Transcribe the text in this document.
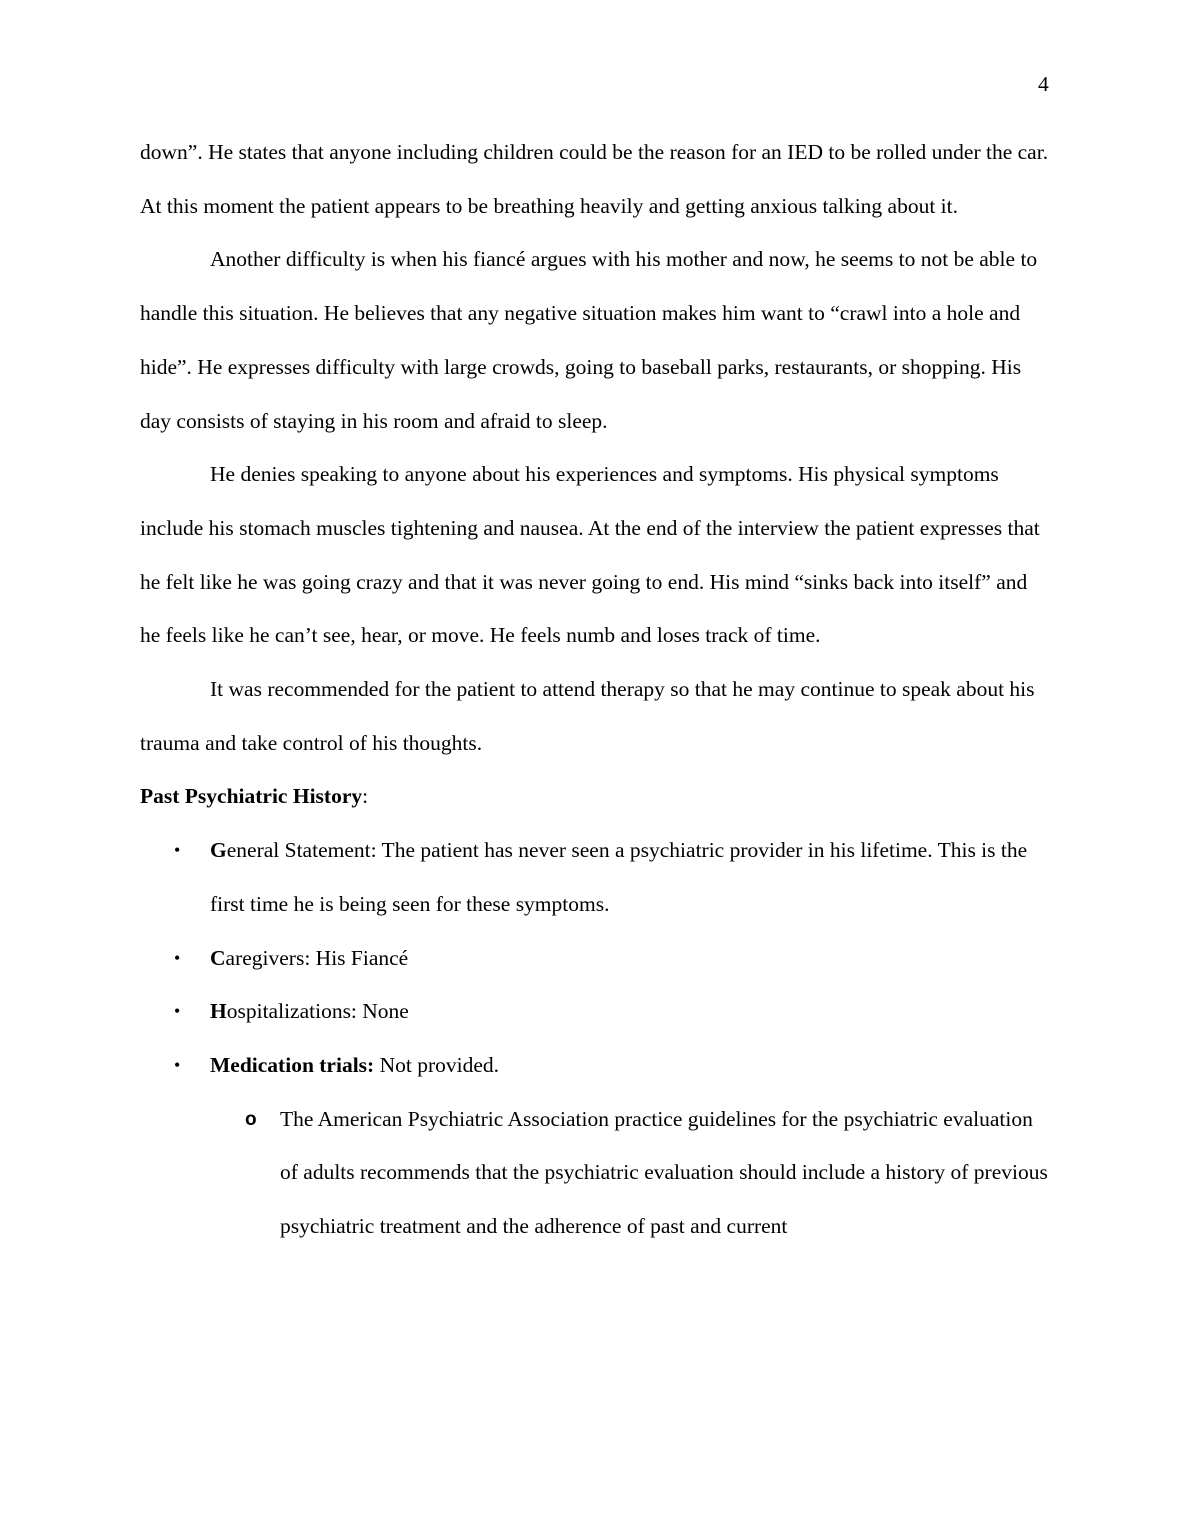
4

down”. He states that anyone including children could be the reason for an IED to be rolled under the car. At this moment the patient appears to be breathing heavily and getting anxious talking about it.

Another difficulty is when his fiancé argues with his mother and now, he seems to not be able to handle this situation. He believes that any negative situation makes him want to “crawl into a hole and hide”. He expresses difficulty with large crowds, going to baseball parks, restaurants, or shopping. His day consists of staying in his room and afraid to sleep.

He denies speaking to anyone about his experiences and symptoms. His physical symptoms include his stomach muscles tightening and nausea. At the end of the interview the patient expresses that he felt like he was going crazy and that it was never going to end. His mind “sinks back into itself” and he feels like he can’t see, hear, or move. He feels numb and loses track of time.

It was recommended for the patient to attend therapy so that he may continue to speak about his trauma and take control of his thoughts.

Past Psychiatric History:

• General Statement: The patient has never seen a psychiatric provider in his lifetime. This is the first time he is being seen for these symptoms.
• Caregivers: His Fiancé
• Hospitalizations: None
• Medication trials: Not provided.
o The American Psychiatric Association practice guidelines for the psychiatric evaluation of adults recommends that the psychiatric evaluation should include a history of previous psychiatric treatment and the adherence of past and current
